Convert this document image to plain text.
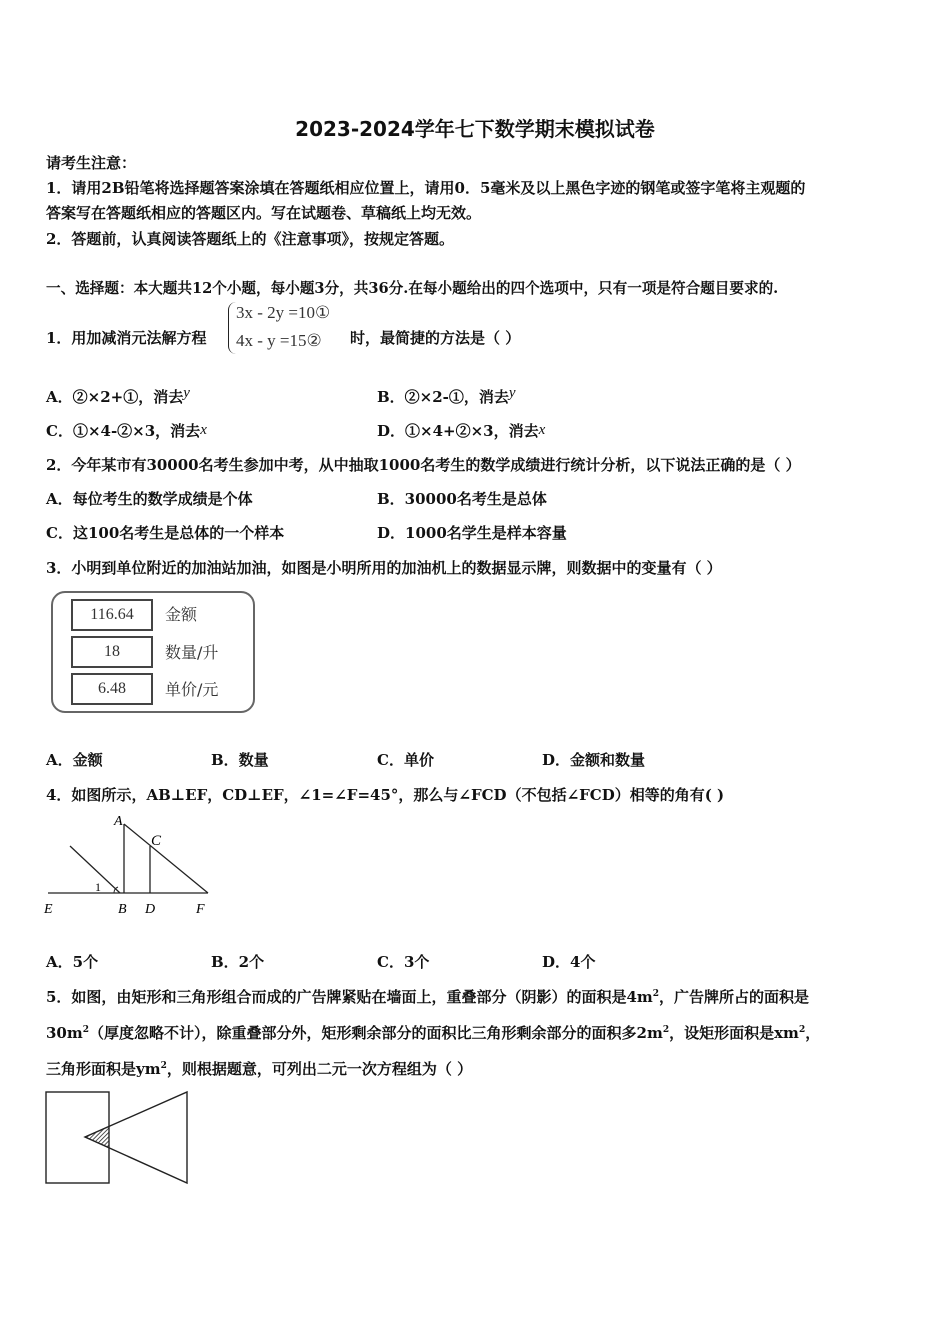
2023-2024学年七下数学期末模拟试卷
请考生注意：
1．请用2B铅笔将选择题答案涂填在答题纸相应位置上，请用0．5毫米及以上黑色字迹的钢笔或签字笔将主观题的
答案写在答题纸相应的答题区内。写在试题卷、草稿纸上均无效。
2．答题前，认真阅读答题纸上的《注意事项》，按规定答题。
一、选择题：本大题共12个小题，每小题3分，共36分.在每小题给出的四个选项中，只有一项是符合题目要求的.
1．用加减消元法解方程
3x - 2y =10①
4x - y =15② 时，最简捷的方法是（ ）
A．②×2+①，消去y	B．②×2-①，消去y
C．①×4-②×3，消去x	D．①×4+②×3，消去x
2．今年某市有30000名考生参加中考，从中抽取1000名考生的数学成绩进行统计分析，以下说法正确的是（ ）
A．每位考生的数学成绩是个体	B．30000名考生是总体
C．这100名考生是总体的一个样本	D．1000名学生是样本容量
3．小明到单位附近的加油站加油，如图是小明所用的加油机上的数据显示牌，则数据中的变量有（ ）
116.64	金额
18	数量/升
6.48	单价/元
A．金额	B．数量	C．单价	D．金额和数量
4．如图所示，AB⊥EF，CD⊥EF，∠1=∠F=45°，那么与∠FCD（不包括∠FCD）相等的角有( )
A
C
1
E	B D	F
A．5个	B．2个	C．3个	D．4个
5．如图，由矩形和三角形组合而成的广告牌紧贴在墙面上，重叠部分（阴影）的面积是$4m^2$，广告牌所占的面积是
$30m^2$（厚度忽略不计），除重叠部分外，矩形剩余部分的面积比三角形剩余部分的面积多$2m^2$，设矩形面积是$xm^2$，
三角形面积是$ym^2$，则根据题意，可列出二元一次方程组为（ ）
